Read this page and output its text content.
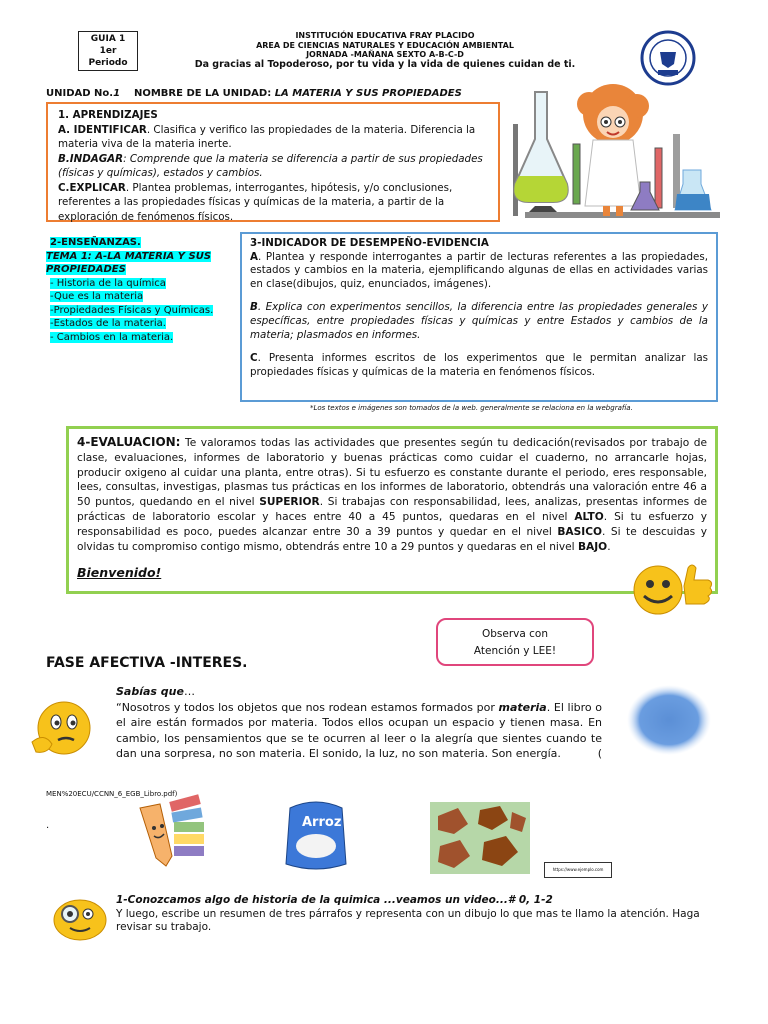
GUIA 1
1er
Periodo
INSTITUCIÓN EDUCATIVA FRAY PLACIDO
AREA DE CIENCIAS NATURALES Y EDUCACIÓN AMBIENTAL
JORNADA -MAÑANA SEXTO A-B-C-D
Da gracias al Topoderoso, por tu vida y la vida de quienes cuidan de ti.
UNIDAD No.1 NOMBRE DE LA UNIDAD: LA MATERIA Y SUS PROPIEDADES
1. APRENDIZAJES
A. IDENTIFICAR. Clasifica y verifico las propiedades de la materia. Diferencia la materia viva de la materia inerte.
B.INDAGAR: Comprende que la materia se diferencia a partir de sus propiedades (físicas y químicas), estados y cambios.
C.EXPLICAR. Plantea problemas, interrogantes, hipótesis, y/o conclusiones, referentes a las propiedades físicas y químicas de la materia, a partir de la exploración de fenómenos físicos.
2-ENSEÑANZAS.
TEMA 1: A-LA MATERIA Y SUS PROPIEDADES
- Historia de la química
-Que es la materia
-Propiedades Físicas y Químicas.
-Estados de la materia.
- Cambios en la materia.
3-INDICADOR DE DESEMPEÑO-EVIDENCIA
A. Plantea y responde interrogantes a partir de lecturas referentes a las propiedades, estados y cambios en la materia, ejemplificando algunas de ellas en actividades varias en clase(dibujos, quiz, enunciados, imágenes).
B. Explica con experimentos sencillos, la diferencia entre las propiedades generales y específicas, entre propiedades físicas y químicas y entre Estados y cambios de la materia; plasmados en informes.
C. Presenta informes escritos de los experimentos que le permitan analizar las propiedades físicas y químicas de la materia en fenómenos físicos.
*Los textos e imágenes son tomados de la web. generalmente se relaciona en la webgrafía.
4-EVALUACION: Te valoramos todas las actividades que presentes según tu dedicación(revisados por trabajo de clase, evaluaciones, informes de laboratorio y buenas prácticas como cuidar el cuaderno, no arrancarle hojas, producir oxigeno al cuidar una planta, entre otras). Si tu esfuerzo es constante durante el periodo, eres responsable, lees, consultas, investigas, plasmas tus prácticas en los informes de laboratorio, obtendrás una valoración entre 46 a 50 puntos, quedando en el nivel SUPERIOR. Si trabajas con responsabilidad, lees, analizas, presentas informes de prácticas de laboratorio escolar y haces entre 40 a 45 puntos, quedaras en el nivel ALTO. Si tu esfuerzo y responsabilidad es poco, puedes alcanzar entre 30 a 39 puntos y quedar en el nivel BASICO. Si te descuidas y olvidas tu compromiso contigo mismo, obtendrás entre 10 a 29 puntos y quedaras en el nivel BAJO.
Bienvenido!
Observa con
Atención y LEE!
FASE AFECTIVA -INTERES.
Sabías que…
“Nosotros y todos los objetos que nos rodean estamos formados por materia. El libro o el aire están formados por materia. Todos ellos ocupan un espacio y tienen masa. En cambio, los pensamientos que se te ocurren al leer o la alegría que sientes cuando te dan una sorpresa, no son materia. El sonido, la luz, no son materia. Son energía.	(
MEN%20ECU/CCNN_6_EGB_Libro.pdf)
.	Arroz
https://www.ejemplo.com
1-Conozcamos algo de historia de la quimica ...veamos un video...# 0, 1-2
Y luego, escribe un resumen de tres párrafos y representa con un dibujo lo que mas te llamo la atención. Haga revisar su trabajo.
